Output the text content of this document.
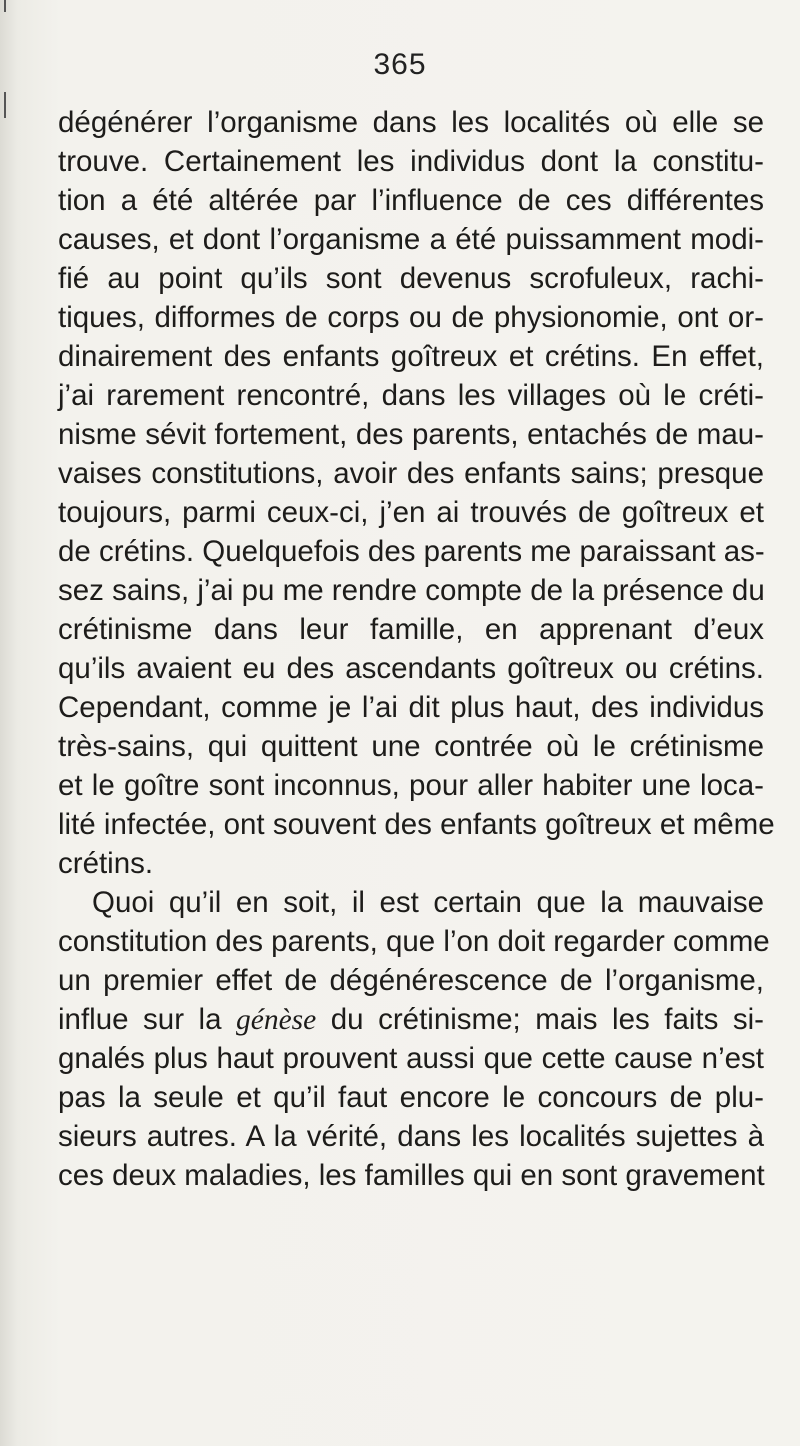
365
dégénérer l’organisme dans les localités où elle se
trouve. Certainement les individus dont la constitu-
tion a été altérée par l’influence de ces différentes
causes, et dont l’organisme a été puissamment modi-
fié au point qu’ils sont devenus scrofuleux, rachi-
tiques, difformes de corps ou de physionomie, ont or-
dinairement des enfants goîtreux et crétins. En effet,
j’ai rarement rencontré, dans les villages où le créti-
nisme sévit fortement, des parents, entachés de mau-
vaises constitutions, avoir des enfants sains; presque
toujours, parmi ceux-ci, j’en ai trouvés de goîtreux et
de crétins. Quelquefois des parents me paraissant as-
sez sains, j’ai pu me rendre compte de la présence du
crétinisme dans leur famille, en apprenant d’eux
qu’ils avaient eu des ascendants goîtreux ou crétins.
Cependant, comme je l’ai dit plus haut, des individus
très-sains, qui quittent une contrée où le crétinisme
et le goître sont inconnus, pour aller habiter une loca-
lité infectée, ont souvent des enfants goîtreux et même
crétins.
Quoi qu’il en soit, il est certain que la mauvaise
constitution des parents, que l’on doit regarder comme
un premier effet de dégénérescence de l’organisme,
influe sur la génèse du crétinisme; mais les faits si-
gnalés plus haut prouvent aussi que cette cause n’est
pas la seule et qu’il faut encore le concours de plu-
sieurs autres. A la vérité, dans les localités sujettes à
ces deux maladies, les familles qui en sont gravement
